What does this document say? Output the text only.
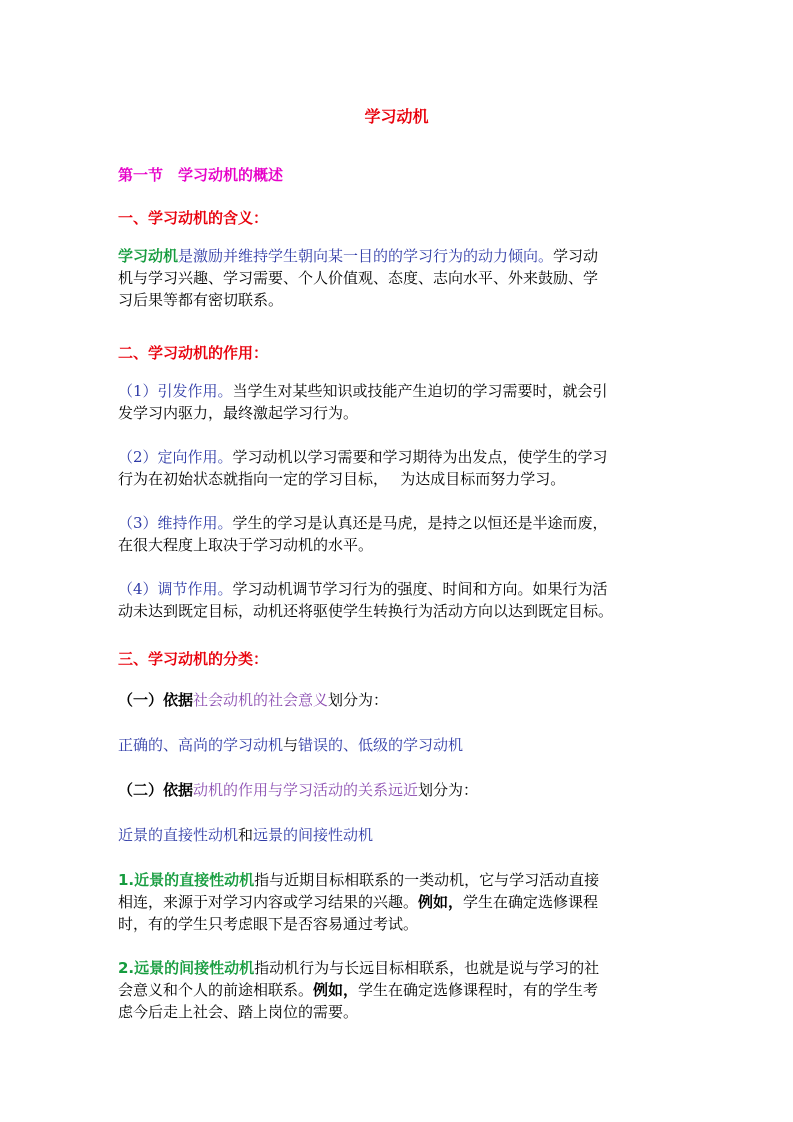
学习动机
第一节　学习动机的概述
一、学习动机的含义：
学习动机是激励并维持学生朝向某一目的的学习行为的动力倾向。学习动
机与学习兴趣、学习需要、个人价值观、态度、志向水平、外来鼓励、学
习后果等都有密切联系。
二、学习动机的作用：
（1）引发作用。当学生对某些知识或技能产生迫切的学习需要时，就会引
发学习内驱力，最终激起学习行为。
（2）定向作用。学习动机以学习需要和学习期待为出发点，使学生的学习
行为在初始状态就指向一定的学习目标，　 为达成目标而努力学习。
（3）维持作用。学生的学习是认真还是马虎，是持之以恒还是半途而废，
在很大程度上取决于学习动机的水平。
（4）调节作用。学习动机调节学习行为的强度、时间和方向。如果行为活
动未达到既定目标，动机还将驱使学生转换行为活动方向以达到既定目标。
三、学习动机的分类：
（一）依据社会动机的社会意义划分为：
正确的、高尚的学习动机与错误的、低级的学习动机
（二）依据动机的作用与学习活动的关系远近划分为：
近景的直接性动机和远景的间接性动机
1.近景的直接性动机指与近期目标相联系的一类动机，它与学习活动直接
相连，来源于对学习内容或学习结果的兴趣。例如，学生在确定选修课程
时，有的学生只考虑眼下是否容易通过考试。
2.远景的间接性动机指动机行为与长远目标相联系，也就是说与学习的社
会意义和个人的前途相联系。例如，学生在确定选修课程时，有的学生考
虑今后走上社会、踏上岗位的需要。
